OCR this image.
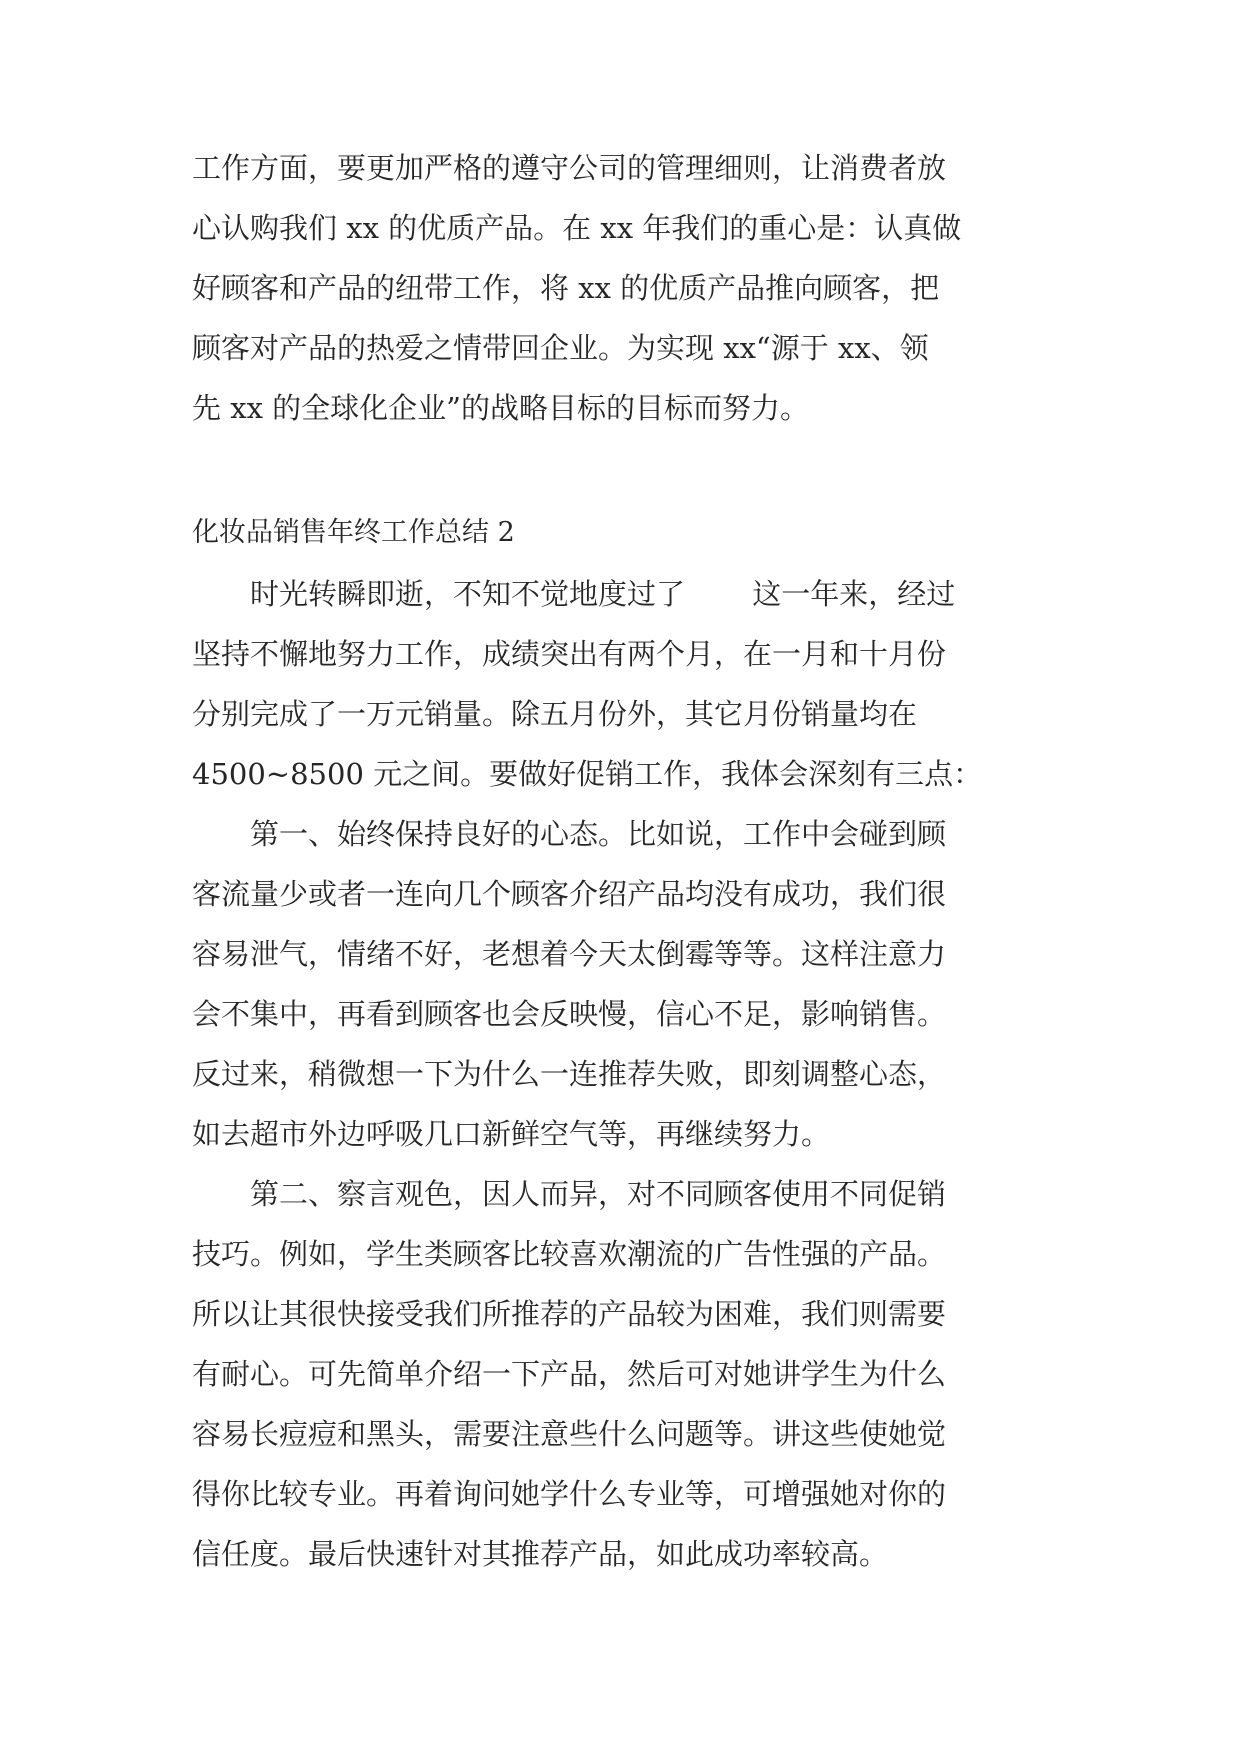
工作方面，要更加严格的遵守公司的管理细则，让消费者放
心认购我们 xx 的优质产品。在 xx 年我们的重心是：认真做
好顾客和产品的纽带工作，将 xx 的优质产品推向顾客，把
顾客对产品的热爱之情带回企业。为实现 xx“源于 xx、领
先 xx 的全球化企业”的战略目标的目标而努力。
化妆品销售年终工作总结 2
　　时光转瞬即逝，不知不觉地度过了　　 这一年来，经过
坚持不懈地努力工作，成绩突出有两个月，在一月和十月份
分别完成了一万元销量。除五月份外，其它月份销量均在
4500~8500 元之间。要做好促销工作，我体会深刻有三点：
　　第一、始终保持良好的心态。比如说，工作中会碰到顾
客流量少或者一连向几个顾客介绍产品均没有成功，我们很
容易泄气，情绪不好，老想着今天太倒霉等等。这样注意力
会不集中，再看到顾客也会反映慢，信心不足，影响销售。
反过来，稍微想一下为什么一连推荐失败，即刻调整心态，
如去超市外边呼吸几口新鲜空气等，再继续努力。
　　第二、察言观色，因人而异，对不同顾客使用不同促销
技巧。例如，学生类顾客比较喜欢潮流的广告性强的产品。
所以让其很快接受我们所推荐的产品较为困难，我们则需要
有耐心。可先简单介绍一下产品，然后可对她讲学生为什么
容易长痘痘和黑头，需要注意些什么问题等。讲这些使她觉
得你比较专业。再着询问她学什么专业等，可增强她对你的
信任度。最后快速针对其推荐产品，如此成功率较高。
